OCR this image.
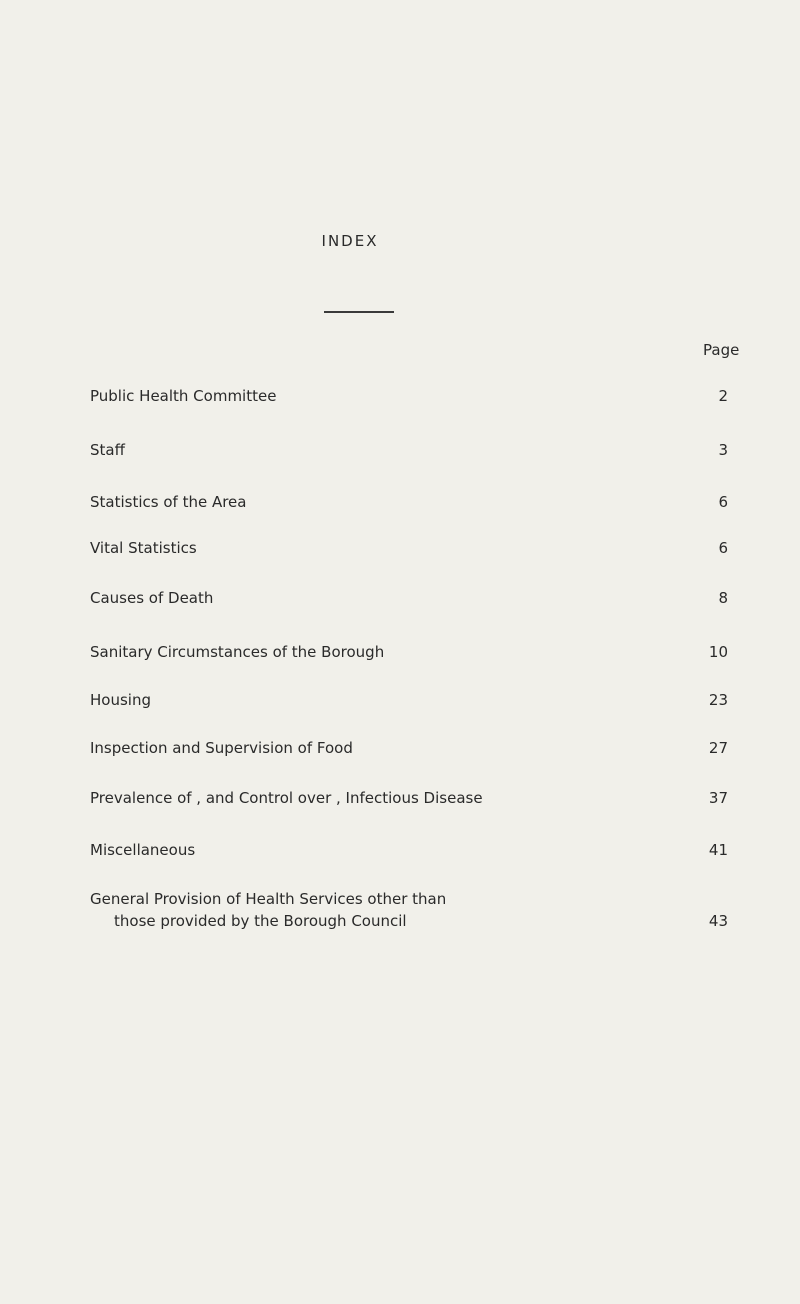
INDEX
Page
Public Health Committee	2
Staff	3
Statistics of the Area	6
Vital Statistics	6
Causes of Death	8
Sanitary Circumstances of the Borough	10
Housing	23
Inspection and Supervision of Food	27
Prevalence of , and Control over , Infectious Disease	37
Miscellaneous	41
General Provision of Health Services other than
those provided by the Borough Council	43
